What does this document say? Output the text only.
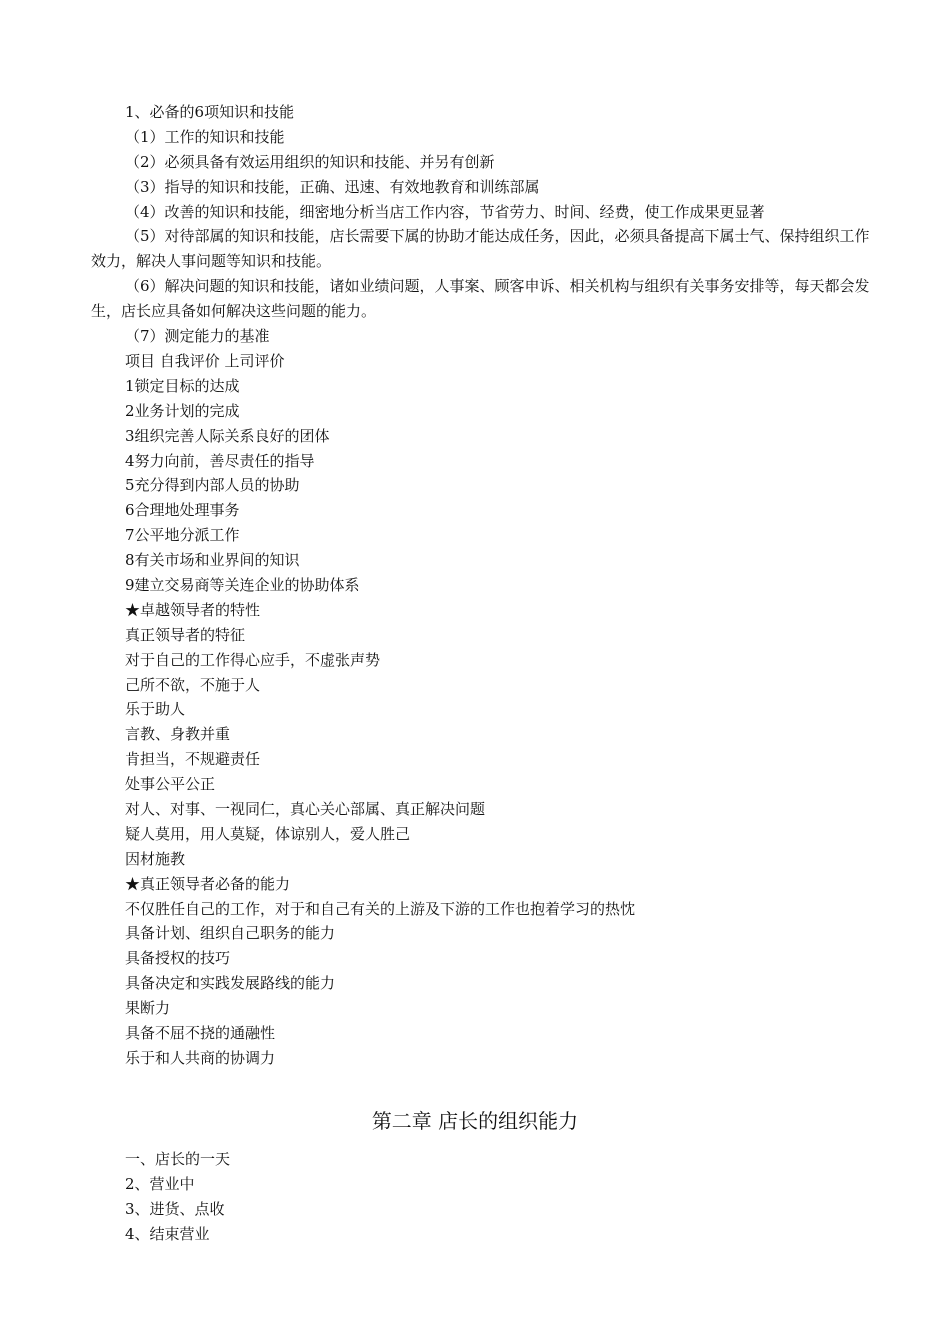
1、必备的6项知识和技能
（1）工作的知识和技能
（2）必须具备有效运用组织的知识和技能、并另有创新
（3）指导的知识和技能，正确、迅速、有效地教育和训练部属
（4）改善的知识和技能，细密地分析当店工作内容，节省劳力、时间、经费，使工作成果更显著
（5）对待部属的知识和技能，店长需要下属的协助才能达成任务，因此，必须具备提高下属士气、保持组织工作效力，解决人事问题等知识和技能。
（6）解决问题的知识和技能，诸如业绩问题，人事案、顾客申诉、相关机构与组织有关事务安排等，每天都会发生，店长应具备如何解决这些问题的能力。
（7）测定能力的基准
项目 自我评价 上司评价
1锁定目标的达成
2业务计划的完成
3组织完善人际关系良好的团体
4努力向前，善尽责任的指导
5充分得到内部人员的协助
6合理地处理事务
7公平地分派工作
8有关市场和业界间的知识
9建立交易商等关连企业的协助体系
★卓越领导者的特性
真正领导者的特征
对于自己的工作得心应手，不虚张声势
己所不欲，不施于人
乐于助人
言教、身教并重
肯担当，不规避责任
处事公平公正
对人、对事、一视同仁，真心关心部属、真正解决问题
疑人莫用，用人莫疑，体谅别人，爱人胜己
因材施教
★真正领导者必备的能力
不仅胜任自己的工作，对于和自己有关的上游及下游的工作也抱着学习的热忱
具备计划、组织自己职务的能力
具备授权的技巧
具备决定和实践发展路线的能力
果断力
具备不屈不挠的通融性
乐于和人共商的协调力
第二章 店长的组织能力
一、店长的一天
2、营业中
3、进货、点收
4、结束营业
